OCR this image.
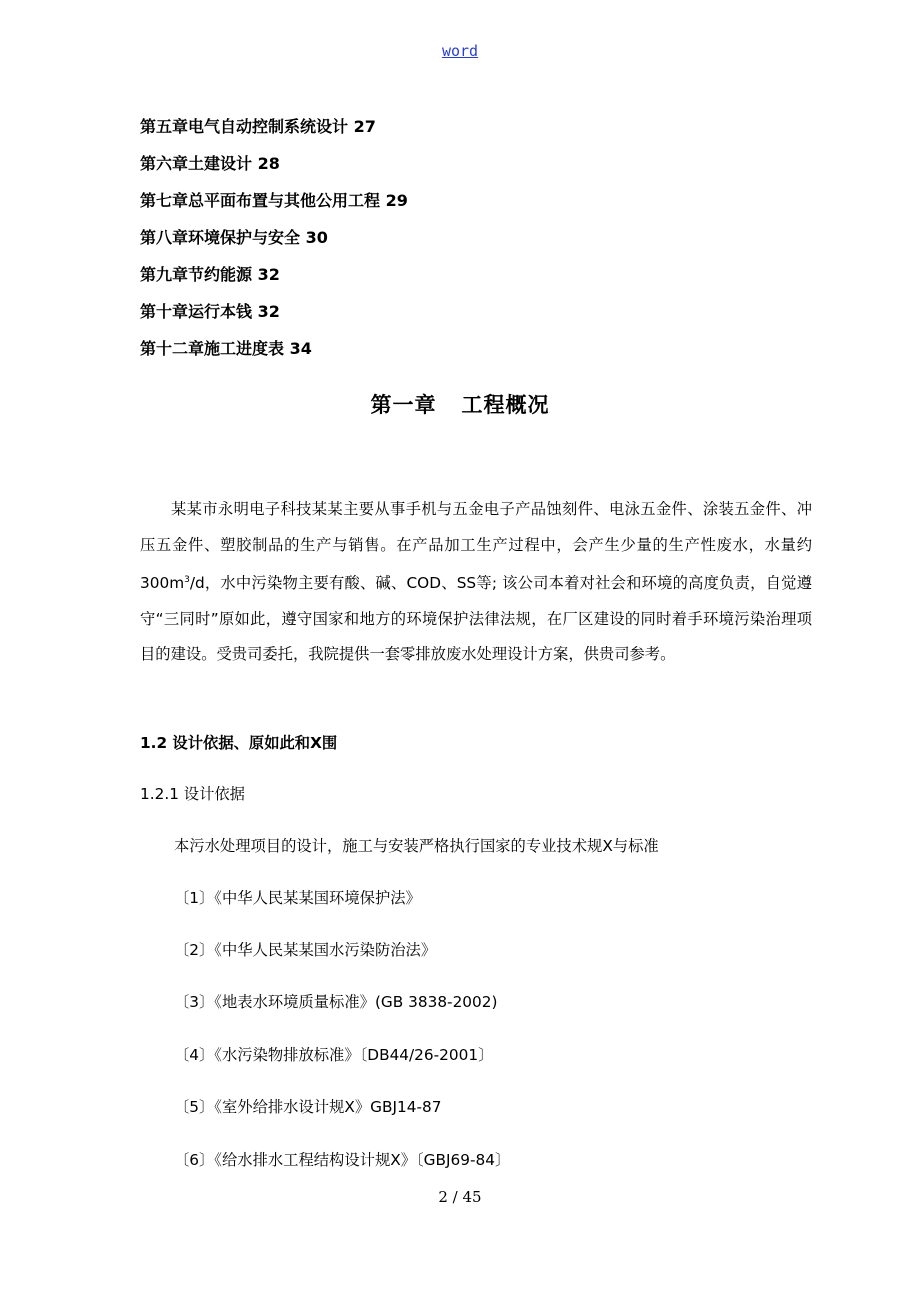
word
第五章电气自动控制系统设计 27
第六章土建设计 28
第七章总平面布置与其他公用工程 29
第八章环境保护与安全 30
第九章节约能源 32
第十章运行本钱 32
第十二章施工进度表 34
第一章   工程概况

某某市永明电子科技某某主要从事手机与五金电子产品蚀刻件、电泳五金件、涂装五金件、冲压五金件、塑胶制品的生产与销售。在产品加工生产过程中，会产生少量的生产性废水，水量约$300m^3/d$，水中污染物主要有酸、碱、COD、SS等; 该公司本着对社会和环境的高度负责，自觉遵守“三同时”原如此，遵守国家和地方的环境保护法律法规，在厂区建设的同时着手环境污染治理项目的建设。受贵司委托，我院提供一套零排放废水处理设计方案，供贵司参考。

1.2 设计依据、原如此和X围
1.2.1 设计依据
本污水处理项目的设计，施工与安装严格执行国家的专业技术规X与标准
〔1〕《中华人民某某国环境保护法》
〔2〕《中华人民某某国水污染防治法》
〔3〕《地表水环境质量标准》(GB 3838-2002)
〔4〕《水污染物排放标准》〔DB44/26-2001〕
〔5〕《室外给排水设计规X》GBJ14-87
〔6〕《给水排水工程结构设计规X》〔GBJ69-84〕
2 / 45
